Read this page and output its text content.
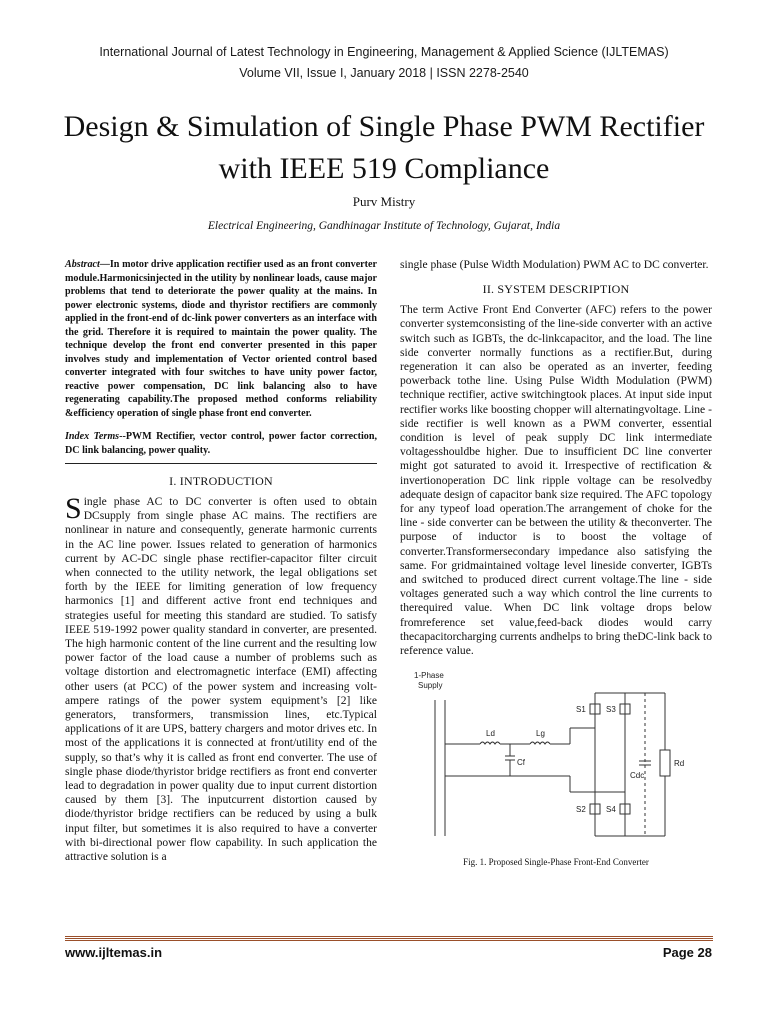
International Journal of Latest Technology in Engineering, Management & Applied Science (IJLTEMAS)
Volume VII, Issue I, January 2018 | ISSN 2278-2540
Design & Simulation of Single Phase PWM Rectifier with IEEE 519 Compliance
Purv Mistry
Electrical Engineering, Gandhinagar Institute of Technology, Gujarat, India

Abstract—In motor drive application rectifier used as an front converter module.Harmonicsinjected in the utility by nonlinear loads, cause major problems that tend to deteriorate the power quality at the mains. In power electronic systems, diode and thyristor rectifiers are commonly applied in the front-end of dc-link power converters as an interface with the grid. Therefore it is required to maintain the power quality. The technique develop the front end converter presented in this paper involves study and implementation of Vector oriented control based converter integrated with four switches to have unity power factor, reactive power compensation, DC link balancing also to have regenerating capability.The proposed method conforms reliability &efficiency operation of single phase front end converter.

Index Terms--PWM Rectifier, vector control, power factor correction, DC link balancing, power quality.

I. INTRODUCTION

Single phase AC to DC converter is often used to obtain DCsupply from single phase AC mains. The rectifiers are nonlinear in nature and consequently, generate harmonic currents in the AC line power. Issues related to generation of harmonics current by AC-DC single phase rectifier-capacitor filter circuit when connected to the utility network, the legal obligations set forth by the IEEE for limiting generation of low frequency harmonics [1] and different active front end techniques and strategies useful for meeting this standard are studied. To satisfy IEEE 519-1992 power quality standard in converter, are presented. The high harmonic content of the line current and the resulting low power factor of the load cause a number of problems such as voltage distortion and electromagnetic interface (EMI) affecting other users (at PCC) of the power system and increasing volt-ampere ratings of the power system equipment’s [2] like generators, transformers, transmission lines, etc.Typical applications of it are UPS, battery chargers and motor drives etc. In most of the applications it is connected at front/utility end of the supply, so that’s why it is called as front end converter. The use of single phase diode/thyristor bridge rectifiers as front end converter lead to degradation in power quality due to input current distortion caused by them [3]. The inputcurrent distortion caused by diode/thyristor bridge rectifiers can be reduced by using a bulk input filter, but sometimes it is also required to have a converter with bi-directional power flow capability. In such application the attractive solution is a

single phase (Pulse Width Modulation) PWM AC to DC converter.

II. SYSTEM DESCRIPTION

The term Active Front End Converter (AFC) refers to the power converter systemconsisting of the line-side converter with an active switch such as IGBTs, the dc-linkcapacitor, and the load. The line side converter normally functions as a rectifier.But, during regeneration it can also be operated as an inverter, feeding powerback tothe line. Using Pulse Width Modulation (PWM) technique rectifier, active switchingtook places. At input side input rectifier works like boosting chopper will alternatingvoltage. Line - side rectifier is well known as a PWM converter, essential condition is level of peak supply DC link intermediate voltagesshouldbe higher. Due to insufficient DC line converter might got saturated to avoid it. Irrespective of rectification & invertionoperation DC link ripple voltage can be resolvedby adequate design of capacitor bank size required. The AFC topology for any typeof load operation.The arrangement of choke for the line - side converter can be between the utility & theconverter. The purpose of inductor is to boost the voltage of converter.Transformersecondary impedance also satisfying the same. For gridmaintained voltage level lineside converter, IGBTs and switched to produced direct current voltage.The line - side voltages generated such a way which control the line currents to therequired value. When DC link voltage drops below fromreference set value,feed-back diodes would carry thecapacitorcharging currents andhelps to bring theDC-link back to reference value.

1-Phase
Supply
Ld	Lg
Cf
S1	S3
S2	S4
Cdc
Rd
Fig. 1. Proposed Single-Phase Front-End Converter
www.ijltemas.in	Page 28
